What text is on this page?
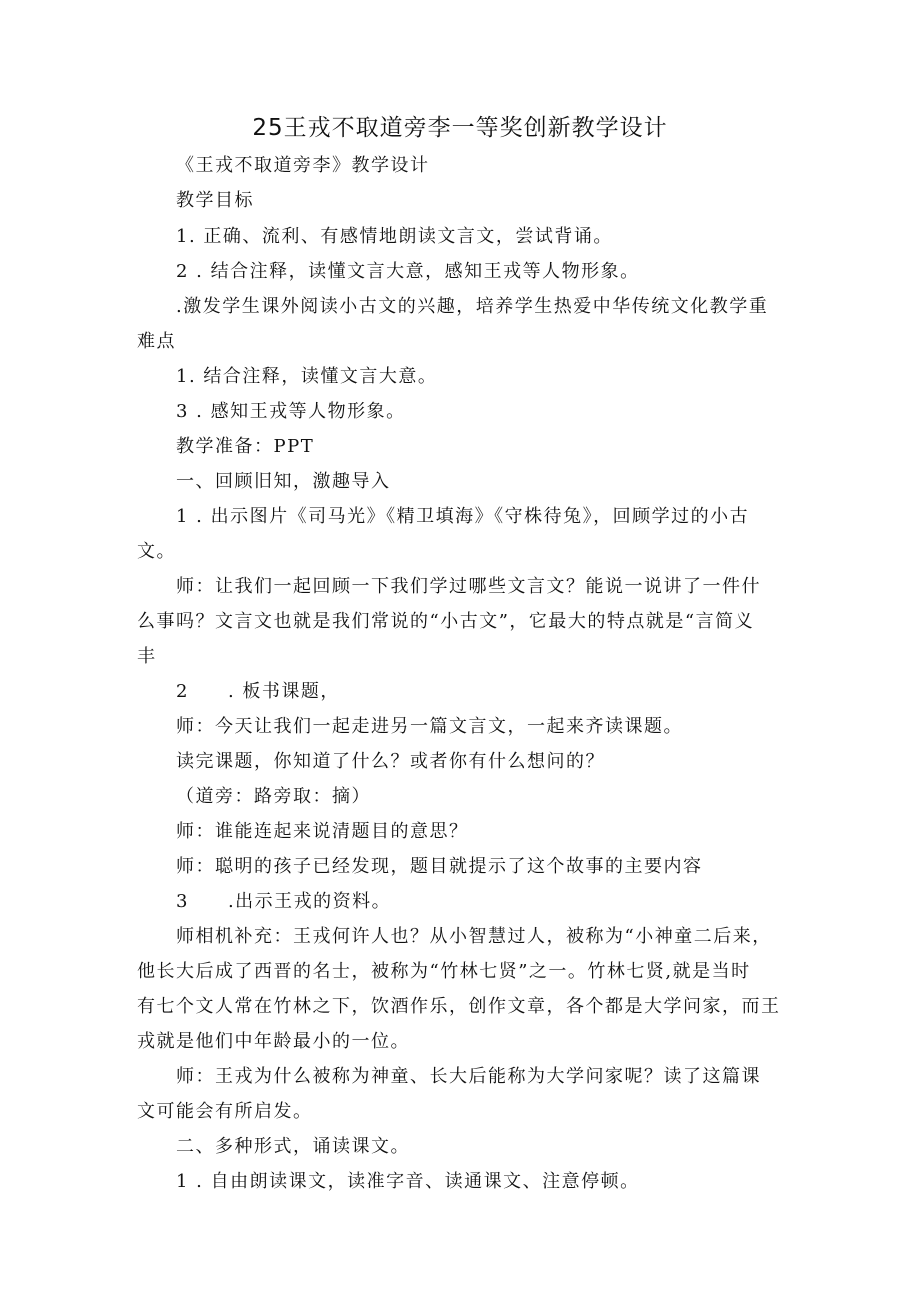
25王戎不取道旁李一等奖创新教学设计
《王戎不取道旁李》教学设计
教学目标
1. 正确、流利、有感情地朗读文言文，尝试背诵。
2 . 结合注释，读懂文言大意，感知王戎等人物形象。
.激发学生课外阅读小古文的兴趣，培养学生热爱中华传统文化教学重
难点
1. 结合注释，读懂文言大意。
3 . 感知王戎等人物形象。
教学准备：PPT
一、回顾旧知，激趣导入
1 . 出示图片《司马光》《精卫填海》《守株待兔》，回顾学过的小古
文。
师：让我们一起回顾一下我们学过哪些文言文？能说一说讲了一件什
么事吗？文言文也就是我们常说的“小古文”，它最大的特点就是“言简义
丰
2　　. 板书课题，
师：今天让我们一起走进另一篇文言文，一起来齐读课题。
读完课题，你知道了什么？或者你有什么想问的？
（道旁：路旁取：摘）
师：谁能连起来说清题目的意思？
师：聪明的孩子已经发现，题目就提示了这个故事的主要内容
3　　.出示王戎的资料。
师相机补充：王戎何许人也？从小智慧过人，被称为“小神童二后来，
他长大后成了西晋的名士，被称为“竹林七贤”之一。竹林七贤,就是当时
有七个文人常在竹林之下，饮酒作乐，创作文章，各个都是大学问家，而王
戎就是他们中年龄最小的一位。
师：王戎为什么被称为神童、长大后能称为大学问家呢？读了这篇课
文可能会有所启发。
二、多种形式，诵读课文。
1 . 自由朗读课文，读准字音、读通课文、注意停顿。
